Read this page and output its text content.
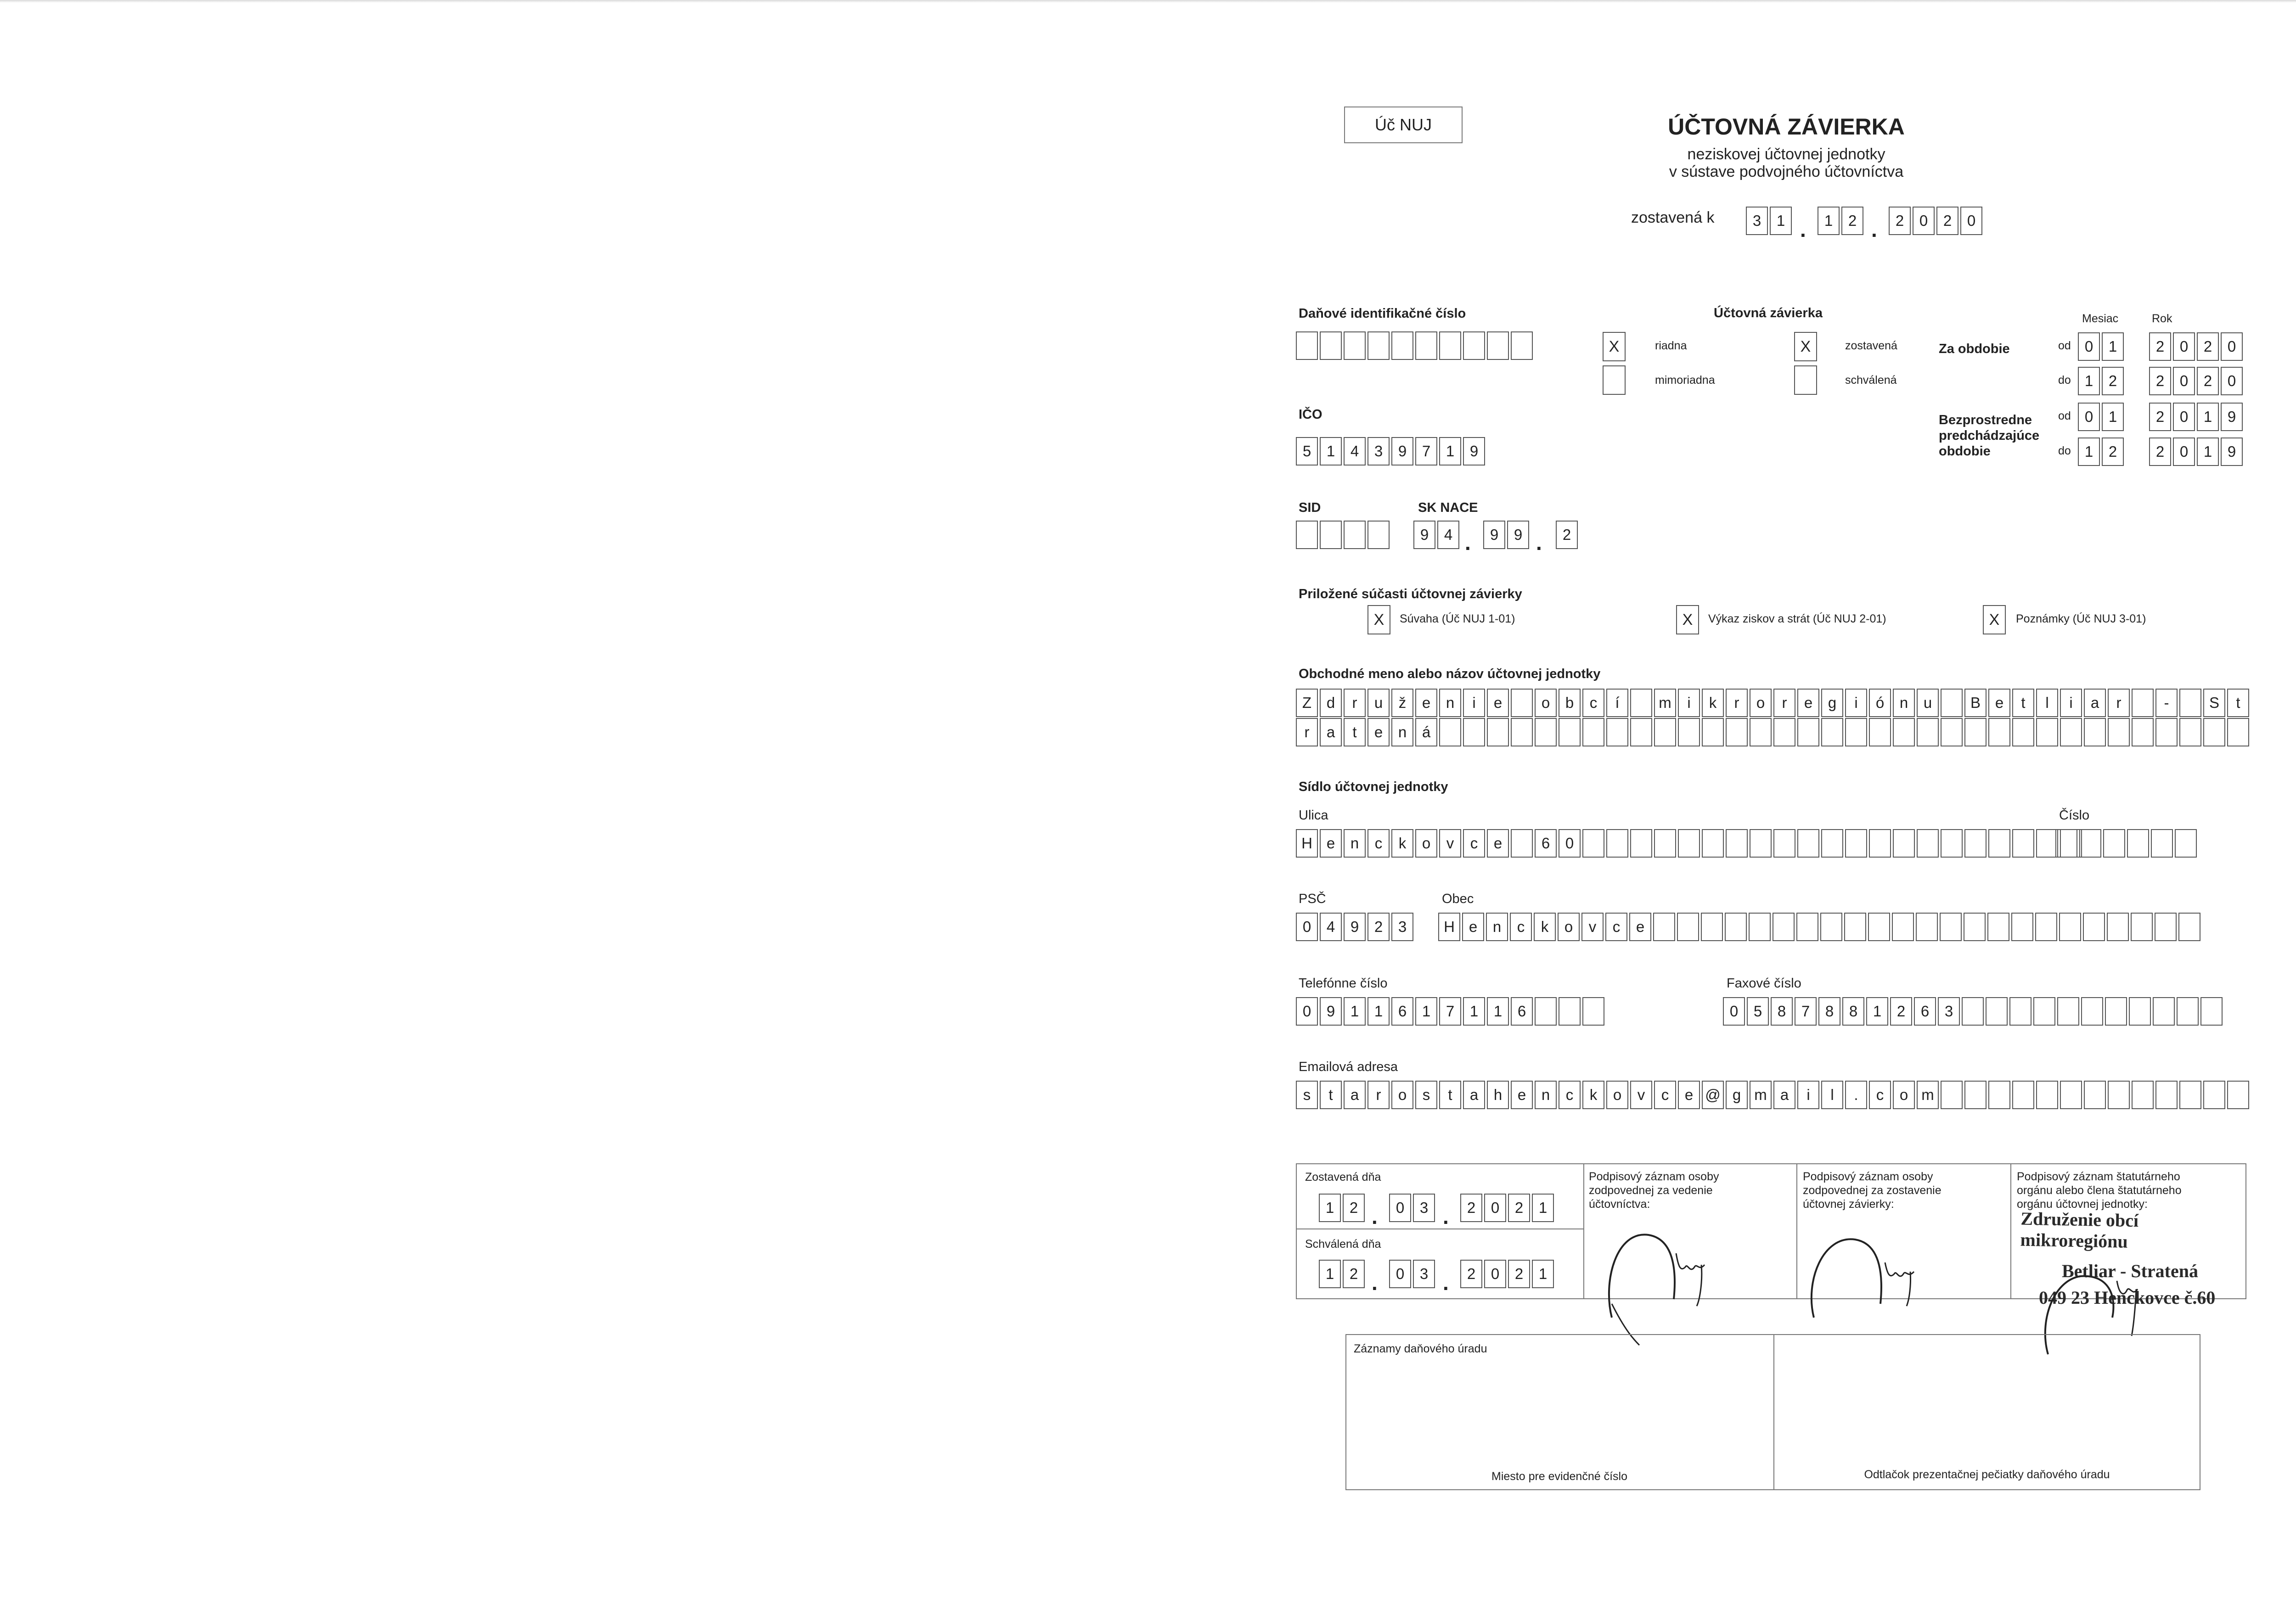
Úč NUJ	ÚČTOVNÁ ZÁVIERKA
neziskovej účtovnej jednotky
v sústave podvojného účtovníctva
zostavená k	3	1 .	1	2 .	2	0	2	0
Daňové identifikačné číslo	Účtovná závierka
X	riadna
mimoriadna
X	zostavená
schválená
Mesiac	Rok
Za obdobie	od 0	1	2	0	2	0
do 1	2	2	0	2	0
Bezprostredne
predchádzajúce
obdobie
od 0	1	2	0	1	9
do 1	2	2	0	1	9
IČO
5	1	4	3	9	7	1	9
SID	SK NACE
9	4 .	9	9 .	2
Priložené súčasti účtovnej závierky
X	Súvaha (Úč NUJ 1-01)	X	Výkaz ziskov a strát (Úč NUJ 2-01)	X	Poznámky (Úč NUJ 3-01)
Obchodné meno alebo názov účtovnej jednotky
Z d	r	u	ž	e	n	i	e	o	b	c	í	m	i	k	r	o	r	e	g	i	ó	n	u	B e	t	l	i	a	r	-	S	t
r	a	t	e	n	á
Sídlo účtovnej jednotky
Ulica
H e	n	c	k	o	v	c	e	6	0
Číslo
PSČ
0	4	9	2	3
Obec
H e	n	c	k	o	v	c	e
Telefónne číslo
0	9	1	1	6	1	7	1	1	6
Faxové číslo
0	5	8	7	8	8	1	2	6	3
Emailová adresa
s	t	a	r	o	s	t	a	h	e	n	c	k	o	v	c	e @ g m a	i	l	.	c	o m
Zostavená dňa
1	2 .	0	3 .	2	0	2	1
Schválená dňa
1	2 .	0	3 .	2	0	2	1
Podpisový záznam osoby zodpovednej za vedenie účtovníctva:
Podpisový záznam osoby zodpovednej za zostavenie účtovnej závierky:
Podpisový záznam štatutárneho orgánu alebo člena štatutárneho orgánu účtovnej jednotky:
Združenie obcí mikroregiónu
Betliar - Stratená
049 23 Henckovce č.60
Záznamy daňového úradu
Miesto pre evidenčné číslo	Odtlačok prezentačnej pečiatky daňového úradu
